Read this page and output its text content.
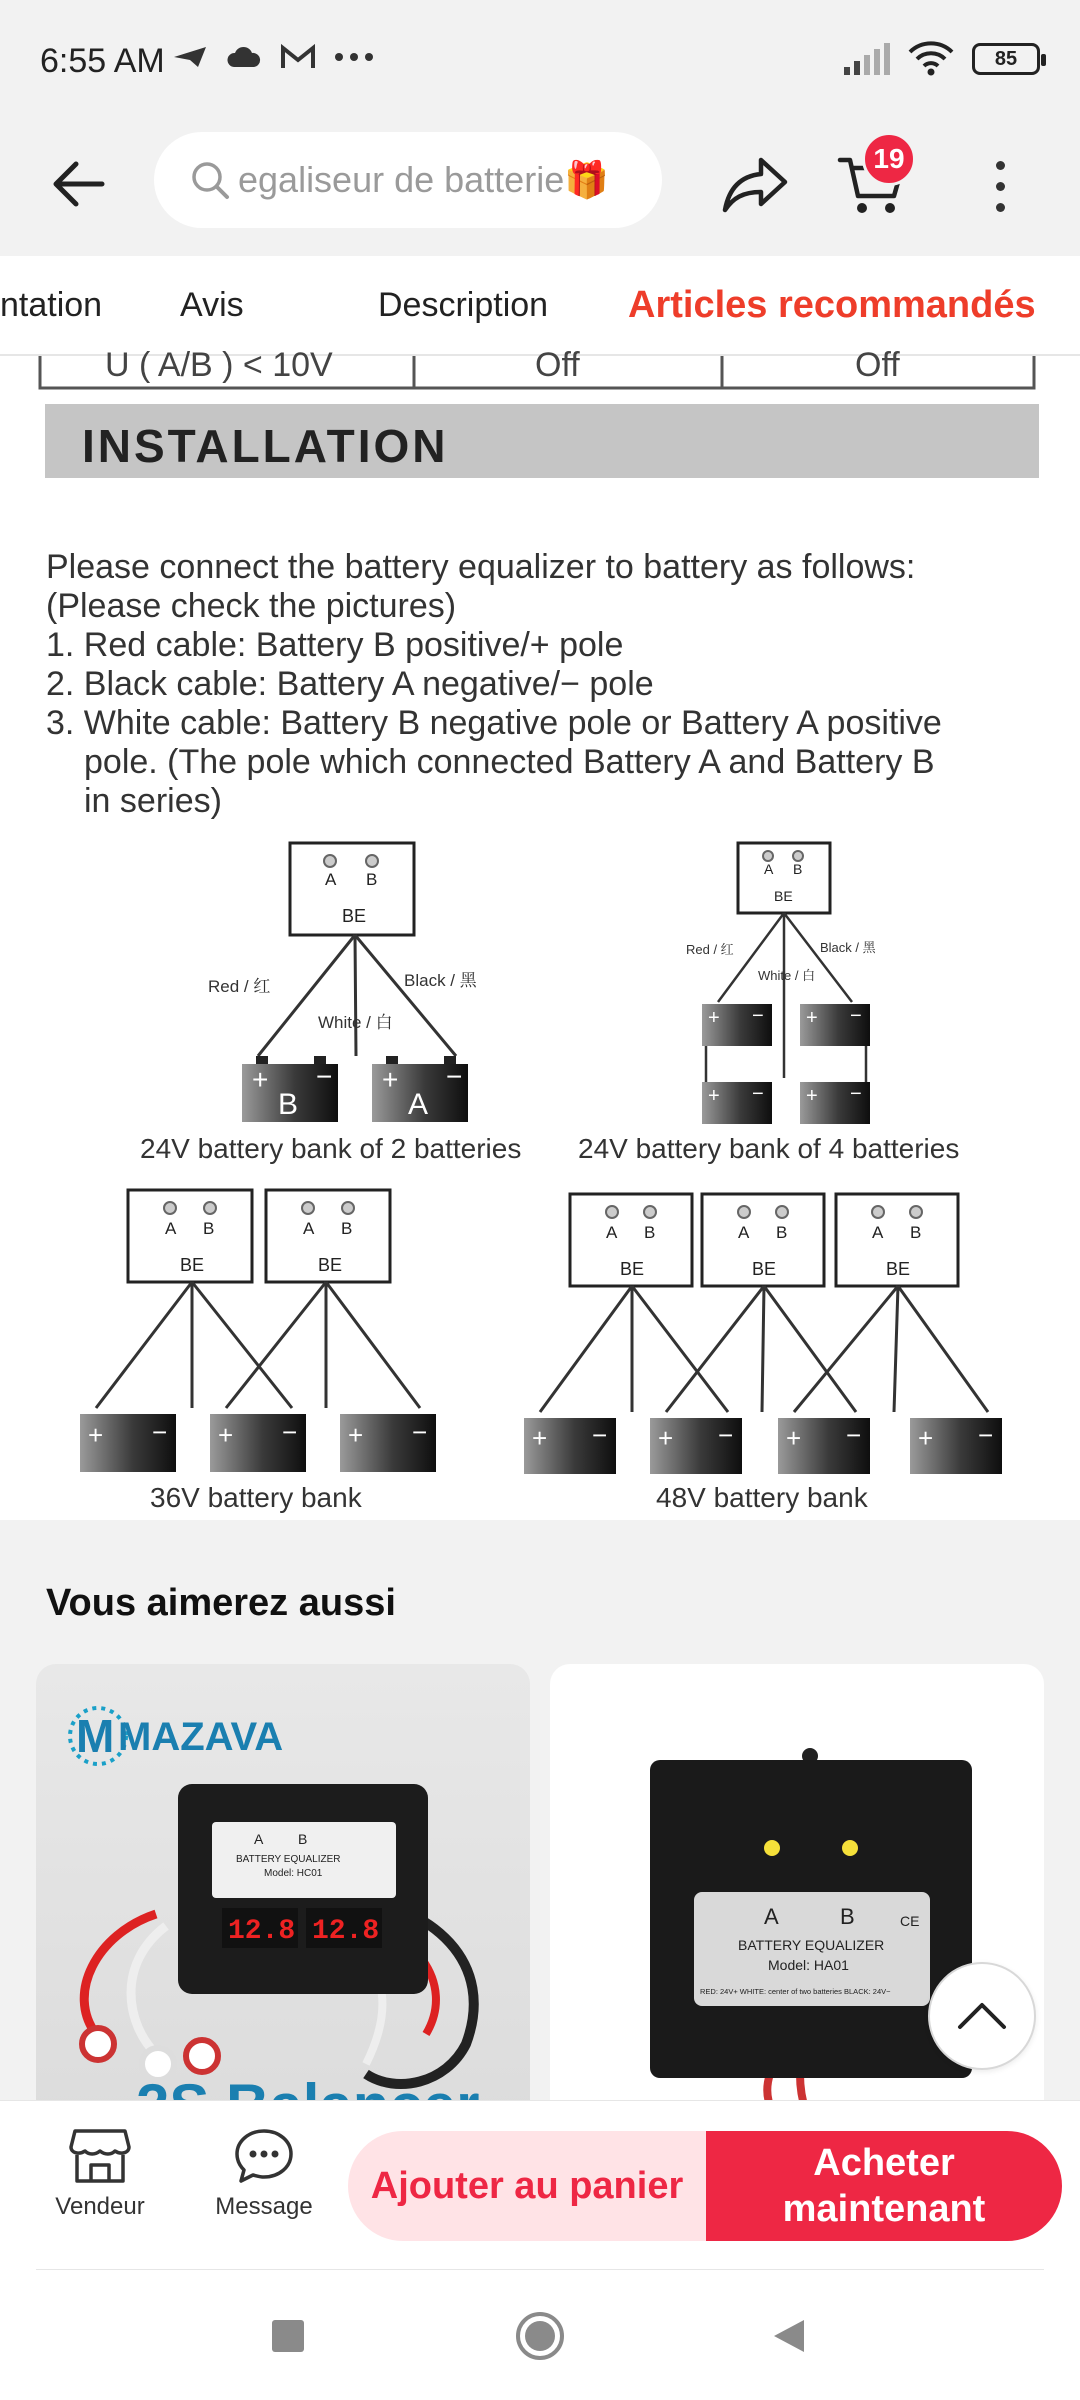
6:55 AM	85
egaliseur de batterie🎁
19
ntation Avis	Description Articles recommandés
U ( A/B ) < 10V	Off	Off
INSTALLATION
Please connect the battery equalizer to battery as follows:
(Please check the pictures)
1. Red cable: Battery B positive/+ pole
2. Black cable: Battery A negative/− pole
3. White cable: Battery B negative pole or Battery A positive
pole. (The pole which connected Battery A and Battery B
in series)
A B
BE
Red / 红
White / 白
Black / 黑
+ − + −
B	A
24V battery bank of 2 batteries
A B
BE
Red / 红
White / 白
Black / 黑
+ − + −
+ − + −
24V battery bank of 4 batteries
A B	A B
BE	BE
+ − + − + −
36V battery bank
A B	A B	A B
BE	BE	BE
+ − + − + − + −
48V battery bank
Vous aimerez aussi
M MAZAVA
A B
BATTERY EQUALIZER
Model: HC01
12.8 12.8	A	B
BATTERY EQUALIZER
Model: HA01
RED: 24V+ WHITE: center of two batteries BLACK: 24V−
CE
Vendeur	Message	Ajouter au panier
Acheter maintenant
